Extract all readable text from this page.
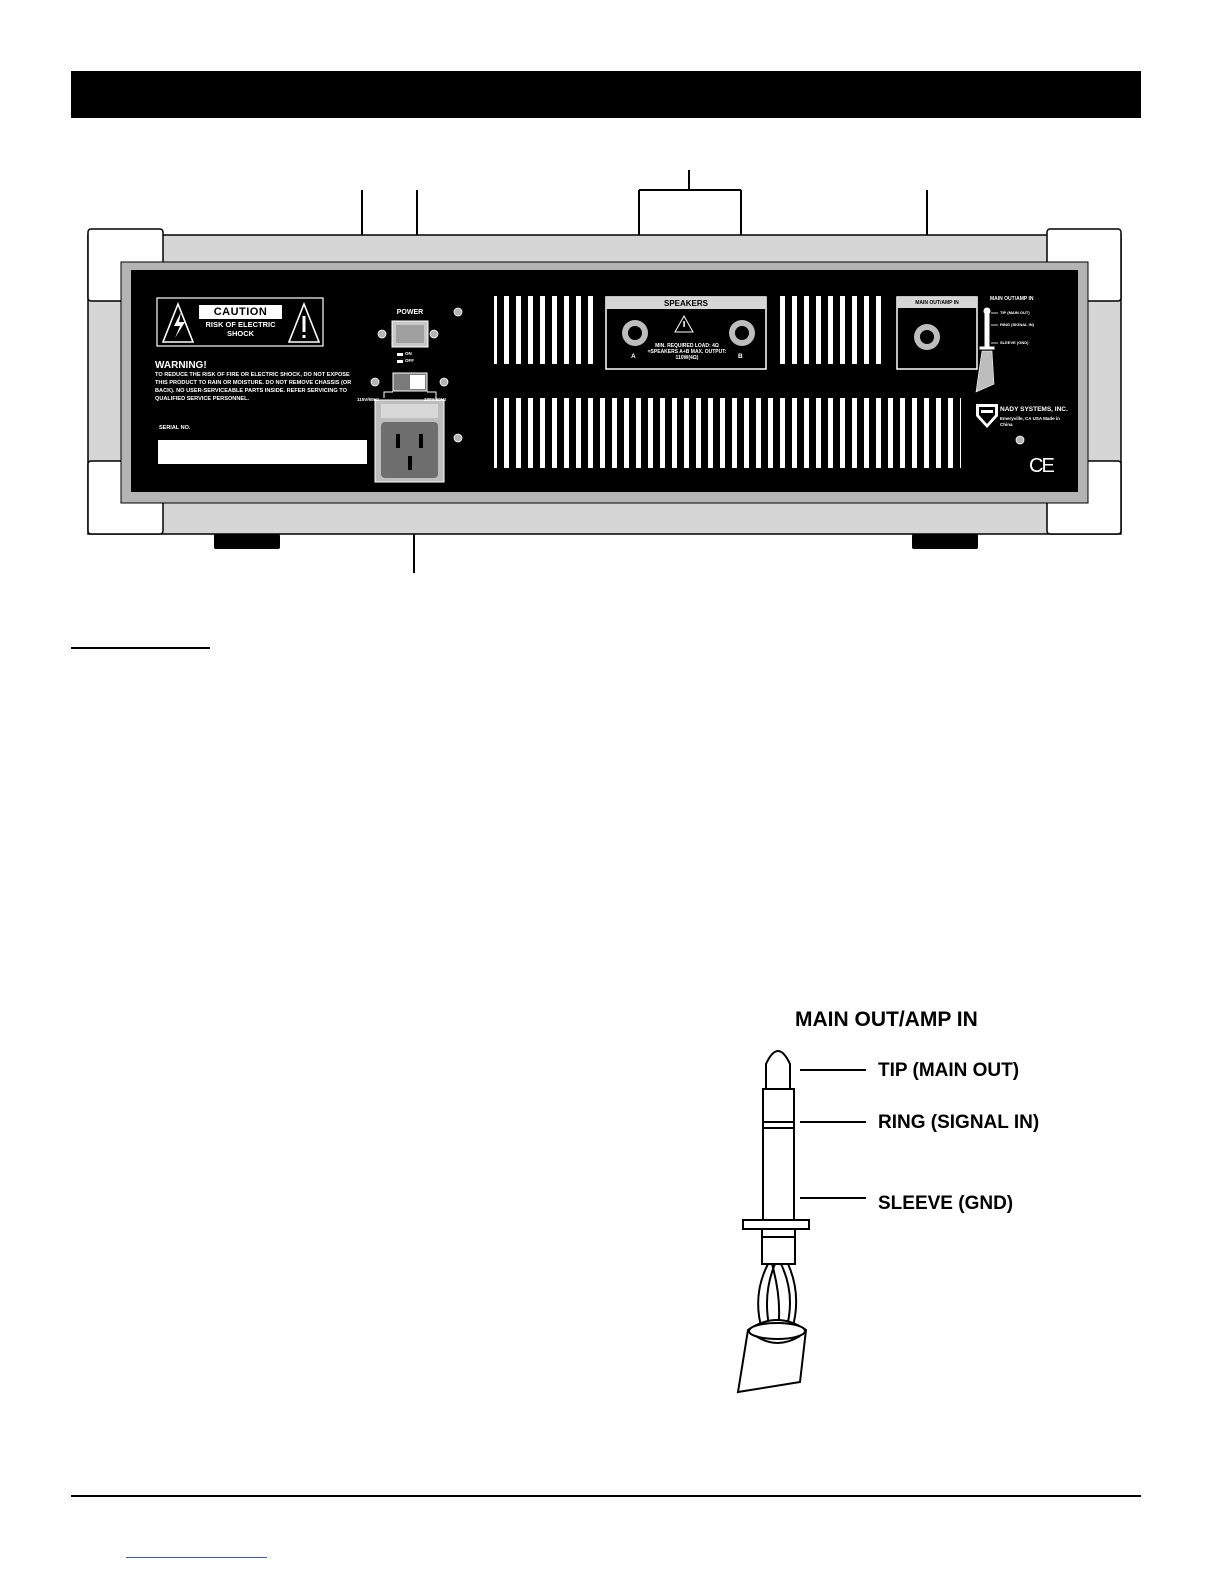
CAUTION
RISK OF ELECTRIC SHOCK
WARNING!
TO REDUCE THE RISK OF FIRE OR ELECTRIC SHOCK, DO NOT EXPOSE THIS PRODUCT TO RAIN OR MOISTURE. DO NOT REMOVE CHASSIS (OR BACK). NO USER-SERVICEABLE PARTS INSIDE. REFER SERVICING TO QUALIFIED SERVICE PERSONNEL.
SERIAL NO.
POWER
ON
OFF
115V/60Hz	230V/50Hz
SPEAKERS
A	B
MIN. REQUIRED LOAD: 4Ω =SPEAKERS A+B MAX. OUTPUT: 110W(4Ω)
MAIN OUT/AMP IN
MAIN OUT/AMP IN
TIP (MAIN OUT)
RING (SIGNAL IN)
SLEEVE (GND)
NADY SYSTEMS, INC.
Emeryville, CA USA Made in China
CE
MAIN OUT/AMP IN
TIP (MAIN OUT)
RING (SIGNAL IN)
SLEEVE (GND)
